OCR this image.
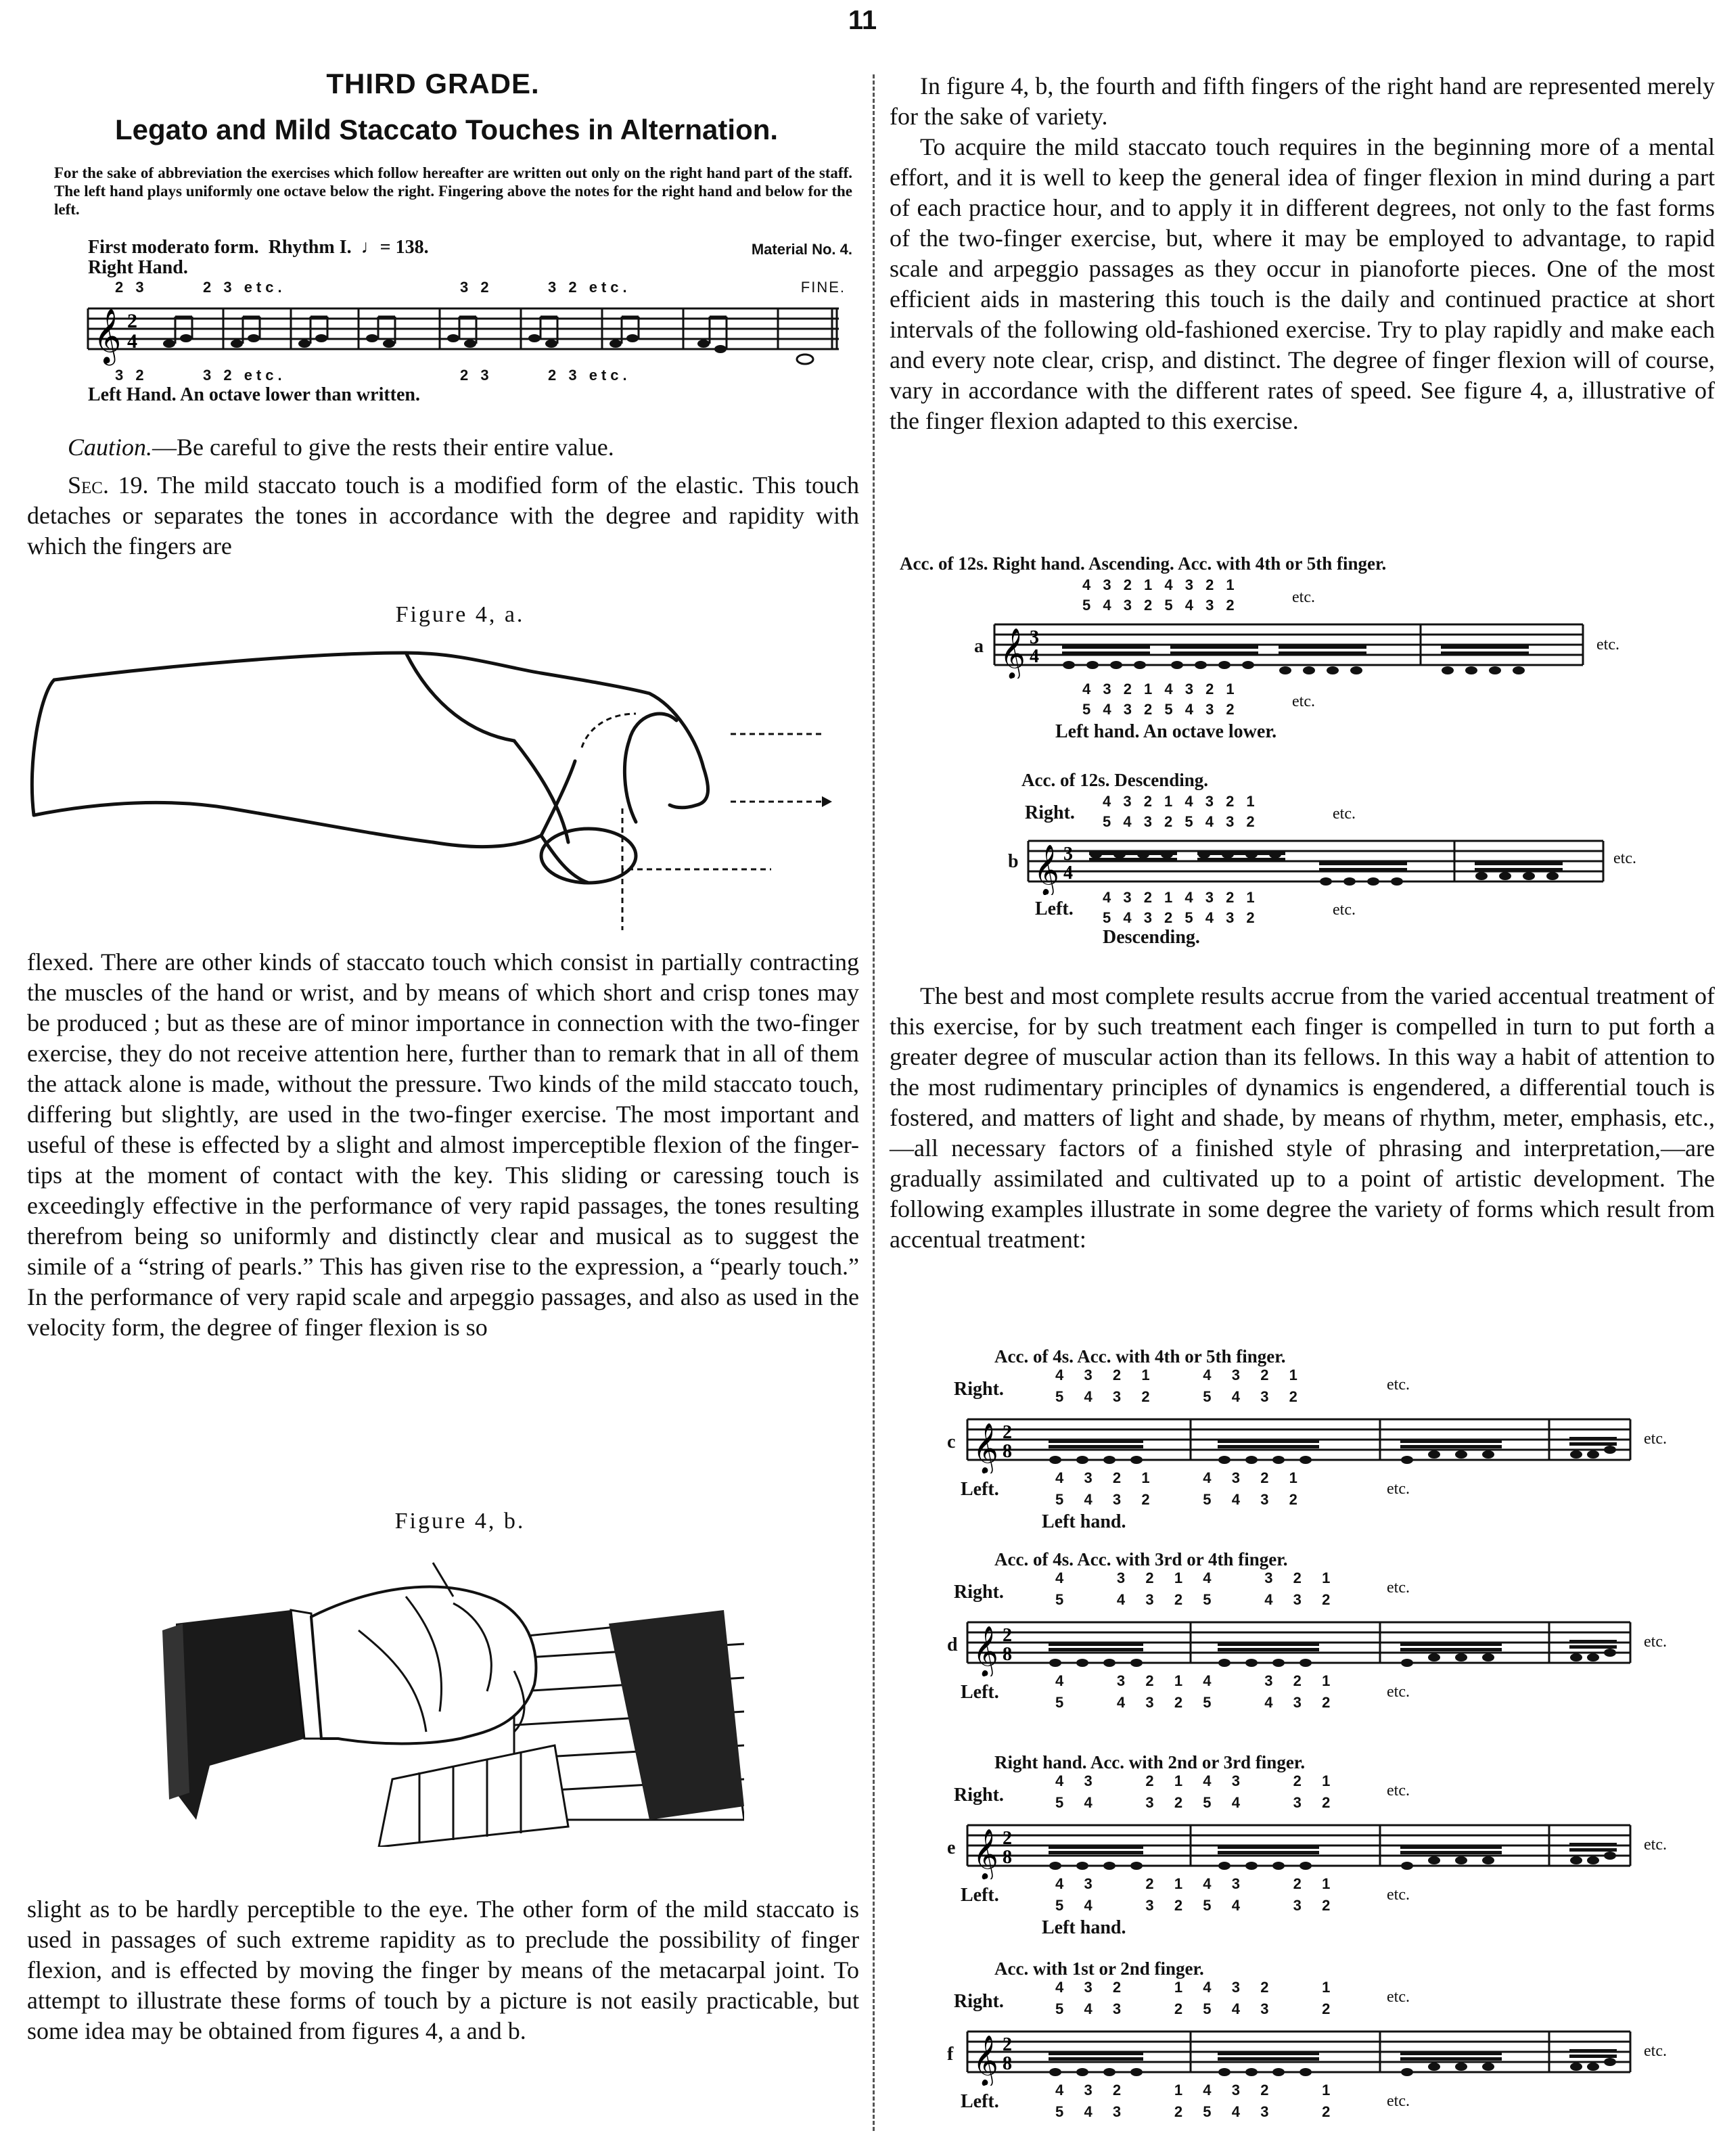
11
THIRD GRADE.
Legato and Mild Staccato Touches in Alternation.
For the sake of abbreviation the exercises which follow hereafter are written out only on the right hand part of the staff. The left hand plays uniformly one octave below the right. Fingering above the notes for the right hand and below for the left.
First moderato form. Rhythm I. ♩= 138.	Material No. 4.
Right Hand.
2 3	2 3 etc.	3 2	3 2 etc.	FINE.
𝄞 2
4
3 2	3 2 etc.	2 3	2 3 etc.
Left Hand. An octave lower than written.
Caution.—Be careful to give the rests their entire value.
Sec. 19. The mild staccato touch is a modified form of the elastic. This touch detaches or separates the tones in accordance with the degree and rapidity with which the fingers are
Figure 4, a.
flexed. There are other kinds of staccato touch which consist in partially contracting the muscles of the hand or wrist, and by means of which short and crisp tones may be produced ; but as these are of minor importance in connection with the two-finger exercise, they do not receive attention here, further than to remark that in all of them the attack alone is made, without the pressure. Two kinds of the mild staccato touch, differing but slightly, are used in the two-finger exercise. The most important and useful of these is effected by a slight and almost imperceptible flexion of the finger-tips at the moment of contact with the key. This sliding or caressing touch is exceedingly effective in the performance of very rapid passages, the tones resulting therefrom being so uniformly and distinctly clear and musical as to suggest the simile of a “string of pearls.” This has given rise to the expression, a “pearly touch.” In the performance of very rapid scale and arpeggio passages, and also as used in the velocity form, the degree of finger flexion is so
Figure 4, b.
slight as to be hardly perceptible to the eye. The other form of the mild staccato is used in passages of such extreme rapidity as to preclude the possibility of finger flexion, and is effected by moving the finger by means of the metacarpal joint. To attempt to illustrate these forms of touch by a picture is not easily practicable, but some idea may be obtained from figures 4, a and b.
In figure 4, b, the fourth and fifth fingers of the right hand are represented merely for the sake of variety.
To acquire the mild staccato touch requires in the beginning more of a mental effort, and it is well to keep the general idea of finger flexion in mind during a part of each practice hour, and to apply it in different degrees, not only to the fast forms of the two-finger exercise, but, where it may be employed to advantage, to rapid scale and arpeggio passages as they occur in pianoforte pieces. One of the most efficient aids in mastering this touch is the daily and continued practice at short intervals of the following old-fashioned exercise. Try to play rapidly and make each and every note clear, crisp, and distinct. The degree of finger flexion will of course, vary in accordance with the different rates of speed. See figure 4, a, illustrative of the finger flexion adapted to this exercise.
Acc. of 12s. Right hand. Ascending. Acc. with 4th or 5th finger.
4 3 2 1 4 3 2 1
5 4 3 2 5 4 3 2	etc.
a 𝄞 3
4
etc.
4 3 2 1 4 3 2 1
5 4 3 2 5 4 3 2	etc.
Left hand. An octave lower.
Acc. of 12s. Descending.
Right.
4 3 2 1 4 3 2 1
5 4 3 2 5 4 3 2	etc.
b 𝄞 3
4
etc.
Left.
4 3 2 1 4 3 2 1
5 4 3 2 5 4 3 2	etc.
Descending.
The best and most complete results accrue from the varied accentual treatment of this exercise, for by such treatment each finger is compelled in turn to put forth a greater degree of muscular action than its fellows. In this way a habit of attention to the most rudimentary principles of dynamics is engendered, a differential touch is fostered, and matters of light and shade, by means of rhythm, meter, emphasis, etc.,—all necessary factors of a finished style of phrasing and interpretation,—are gradually assimilated and cultivated up to a point of artistic development. The following examples illustrate in some degree the variety of forms which result from accentual treatment:
Acc. of 4s. Acc. with 4th or 5th finger.
Right.
4  3  2  1      4  3  2  1
5  4  3  2      5  4  3  2
etc.
c 𝄞 2
8
etc.
Left.
4  3  2  1      4  3  2  1
5  4  3  2      5  4  3  2
etc.
Left hand.
Acc. of 4s. Acc. with 3rd or 4th finger.
Right.
4      3  2  1  4      3  2  1
5      4  3  2  5      4  3  2
etc.
d 𝄞 2
8
etc.
Left.
4      3  2  1  4      3  2  1
5      4  3  2  5      4  3  2
etc.
Right hand. Acc. with 2nd or 3rd finger.
Right.
4  3      2  1  4  3      2  1
5  4      3  2  5  4      3  2
etc.
e 𝄞 2
8
etc.
Left.
4  3      2  1  4  3      2  1
5  4      3  2  5  4      3  2
etc.
Left hand.
Acc. with 1st or 2nd finger.
Right.
4  3  2      1  4  3  2      1
5  4  3      2  5  4  3      2
etc.
f 𝄞 2
8
etc.
Left.
4  3  2      1  4  3  2      1
5  4  3      2  5  4  3      2
etc.
